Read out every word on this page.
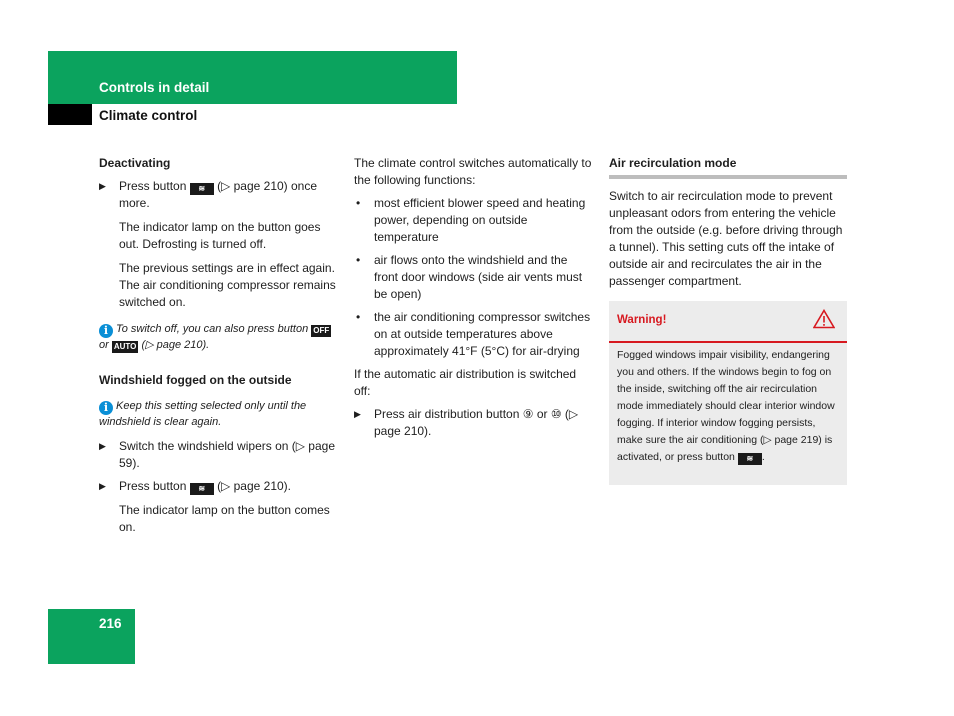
Controls in detail
Climate control

Deactivating

▶ Press button ≋ (▷ page 210) once more.

The indicator lamp on the button goes out. Defrosting is turned off.

The previous settings are in effect again. The air conditioning compressor remains switched on.

i To switch off, you can also press button OFF or AUTO (▷ page 210).

Windshield fogged on the outside

i Keep this setting selected only until the windshield is clear again.
▶ Switch the windshield wipers on (▷ page 59).
▶ Press button ≋ (▷ page 210).

The indicator lamp on the button comes on.

The climate control switches automatically to the following functions:

• most efficient blower speed and heating power, depending on outside temperature
• air flows onto the windshield and the front door windows (side air vents must be open)
• the air conditioning compressor switches on at outside temperatures above approximately 41°F (5°C) for air-drying

If the automatic air distribution is switched off:

▶ Press air distribution button ⑨ or ⑩ (▷ page 210).

Air recirculation mode

Switch to air recirculation mode to prevent unpleasant odors from entering the vehicle from the outside (e.g. before driving through a tunnel). This setting cuts off the intake of outside air and recirculates the air in the passenger compartment.

Warning!
Fogged windows impair visibility, endangering you and others. If the windows begin to fog on the inside, switching off the air recirculation mode immediately should clear interior window fogging. If interior window fogging persists, make sure the air conditioning (▷ page 219) is activated, or press button ≋ .
216
